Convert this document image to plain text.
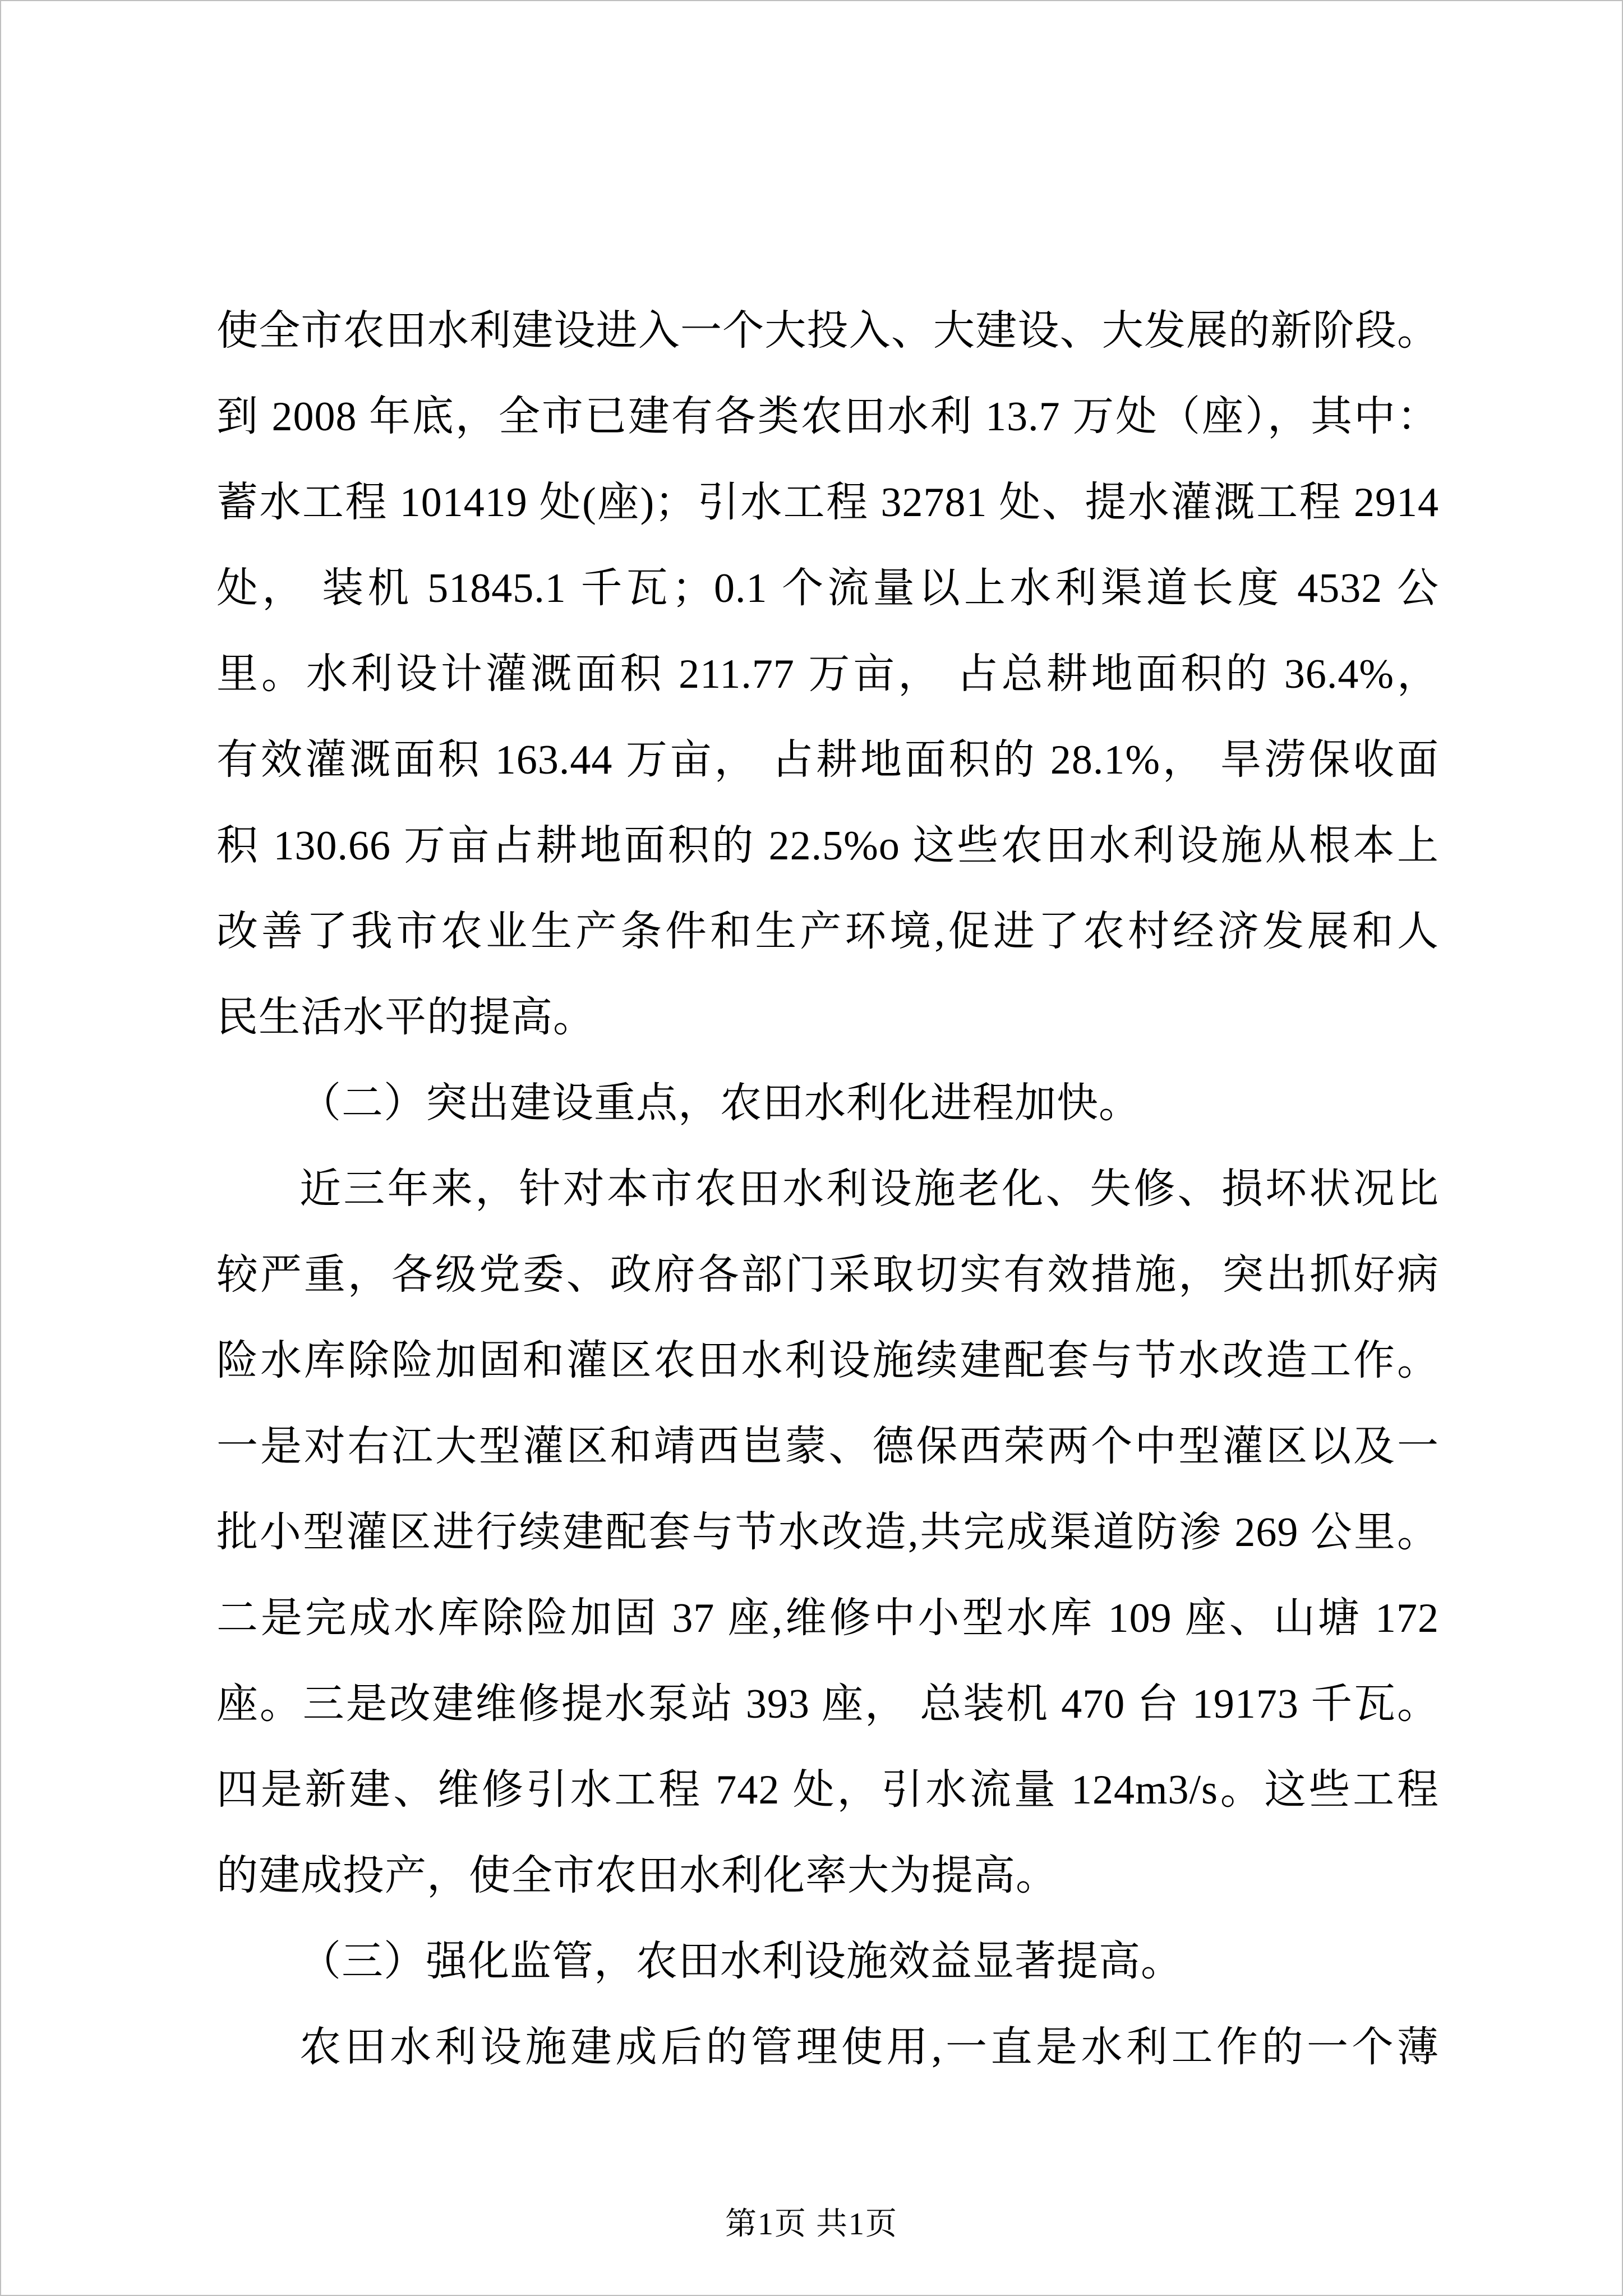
使全市农田水利建设进入一个大投入、大建设、大发展的新阶段。
到 2008 年底，全市已建有各类农田水利 13.7 万处（座），其中：
蓄水工程 101419 处(座)；引水工程 32781 处、提水灌溉工程 2914
处， 装机 51845.1 千瓦；0.1 个流量以上水利渠道长度 4532 公
里。水利设计灌溉面积 211.77 万亩， 占总耕地面积的 36.4%，
有效灌溉面积 163.44 万亩， 占耕地面积的 28.1%， 旱涝保收面
积 130.66 万亩占耕地面积的 22.5%o 这些农田水利设施从根本上
改善了我市农业生产条件和生产环境,促进了农村经济发展和人
民生活水平的提高。
（二）突出建设重点，农田水利化进程加快。
近三年来，针对本市农田水利设施老化、失修、损坏状况比
较严重，各级党委、政府各部门采取切实有效措施，突出抓好病
险水库除险加固和灌区农田水利设施续建配套与节水改造工作。
一是对右江大型灌区和靖西岜蒙、德保西荣两个中型灌区以及一
批小型灌区进行续建配套与节水改造,共完成渠道防渗 269 公里。
二是完成水库除险加固 37 座,维修中小型水库 109 座、山塘 172
座。三是改建维修提水泵站 393 座， 总装机 470 台 19173 千瓦。
四是新建、维修引水工程 742 处，引水流量 124m3/s。这些工程
的建成投产，使全市农田水利化率大为提高。
（三）强化监管，农田水利设施效益显著提高。
农田水利设施建成后的管理使用,一直是水利工作的一个薄
第1页 共1页
